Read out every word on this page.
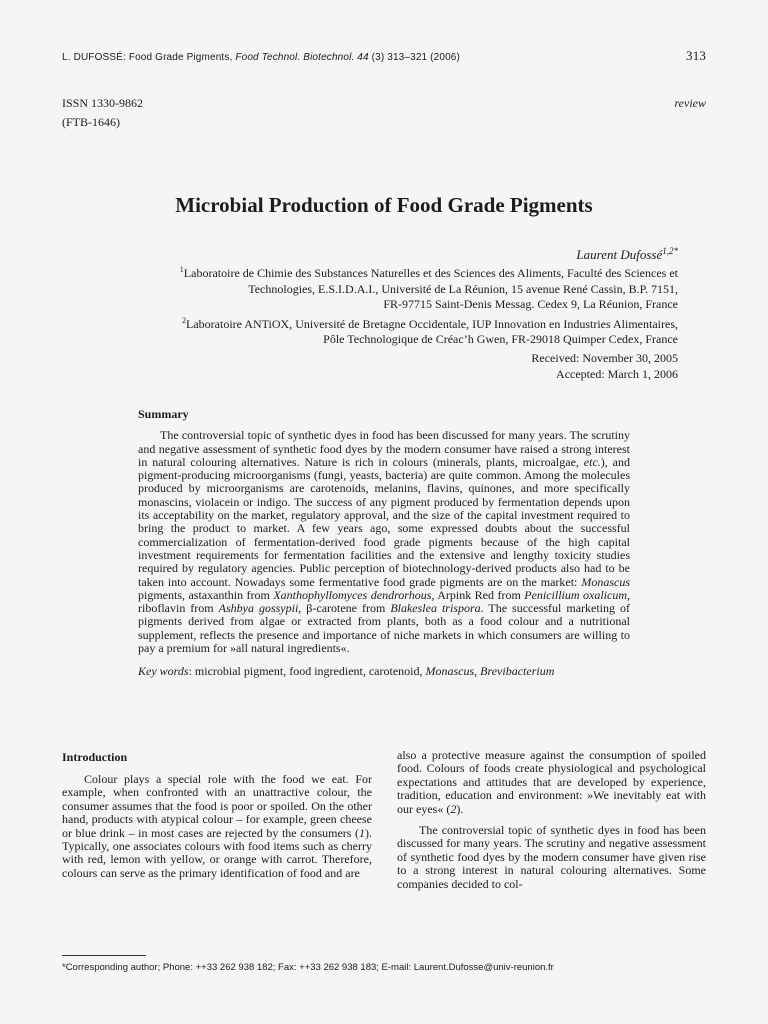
L. DUFOSSÉ: Food Grade Pigments, Food Technol. Biotechnol. 44 (3) 313–321 (2006)	313
ISSN 1330-9862
(FTB-1646)
review
Microbial Production of Food Grade Pigments
Laurent Dufossé$^{1,2*}$
$^1$Laboratoire de Chimie des Substances Naturelles et des Sciences des Aliments, Faculté des Sciences et
Technologies, E.S.I.D.A.I., Université de La Réunion, 15 avenue René Cassin, B.P. 7151,
FR-97715 Saint-Denis Messag. Cedex 9, La Réunion, France
$^2$Laboratoire ANTiOX, Université de Bretagne Occidentale, IUP Innovation en Industries Alimentaires,
Pôle Technologique de Créac’h Gwen, FR-29018 Quimper Cedex, France
Received: November 30, 2005
Accepted: March 1, 2006

Summary

The controversial topic of synthetic dyes in food has been discussed for many years. The scrutiny and negative assessment of synthetic food dyes by the modern consumer have raised a strong interest in natural colouring alternatives. Nature is rich in colours (minerals, plants, microalgae, etc.), and pigment-producing microorganisms (fungi, yeasts, bacteria) are quite common. Among the molecules produced by microorganisms are carotenoids, melanins, flavins, quinones, and more specifically monascins, violacein or indigo. The success of any pigment produced by fermentation depends upon its acceptability on the market, regulatory approval, and the size of the capital investment required to bring the product to market. A few years ago, some expressed doubts about the successful commercialization of fermentation-derived food grade pigments because of the high capital investment requirements for fermentation facilities and the extensive and lengthy toxicity studies required by regulatory agencies. Public perception of biotechnology-derived products also had to be taken into account. Nowadays some fermentative food grade pigments are on the market: Monascus pigments, astaxanthin from Xanthophyllomyces dendrorhous, Arpink Red from Penicillium oxalicum, riboflavin from Ashbya gossypii, β-carotene from Blakeslea trispora. The successful marketing of pigments derived from algae or extracted from plants, both as a food colour and a nutritional supplement, reflects the presence and importance of niche markets in which consumers are willing to pay a premium for »all natural ingredients«.

Key words: microbial pigment, food ingredient, carotenoid, Monascus, Brevibacterium

Introduction

Colour plays a special role with the food we eat. For example, when confronted with an unattractive colour, the consumer assumes that the food is poor or spoiled. On the other hand, products with atypical colour – for example, green cheese or blue drink – in most cases are rejected by the consumers (1). Typically, one associates colours with food items such as cherry with red, lemon with yellow, or orange with carrot. Therefore, colours can serve as the primary identification of food and are

also a protective measure against the consumption of spoiled food. Colours of foods create physiological and psychological expectations and attitudes that are developed by experience, tradition, education and environment: »We inevitably eat with our eyes« (2).

The controversial topic of synthetic dyes in food has been discussed for many years. The scrutiny and negative assessment of synthetic food dyes by the modern consumer have given rise to a strong interest in natural colouring alternatives. Some companies decided to col-

*Corresponding author; Phone: ++33 262 938 182; Fax: ++33 262 938 183; E-mail: Laurent.Dufosse@univ-reunion.fr
